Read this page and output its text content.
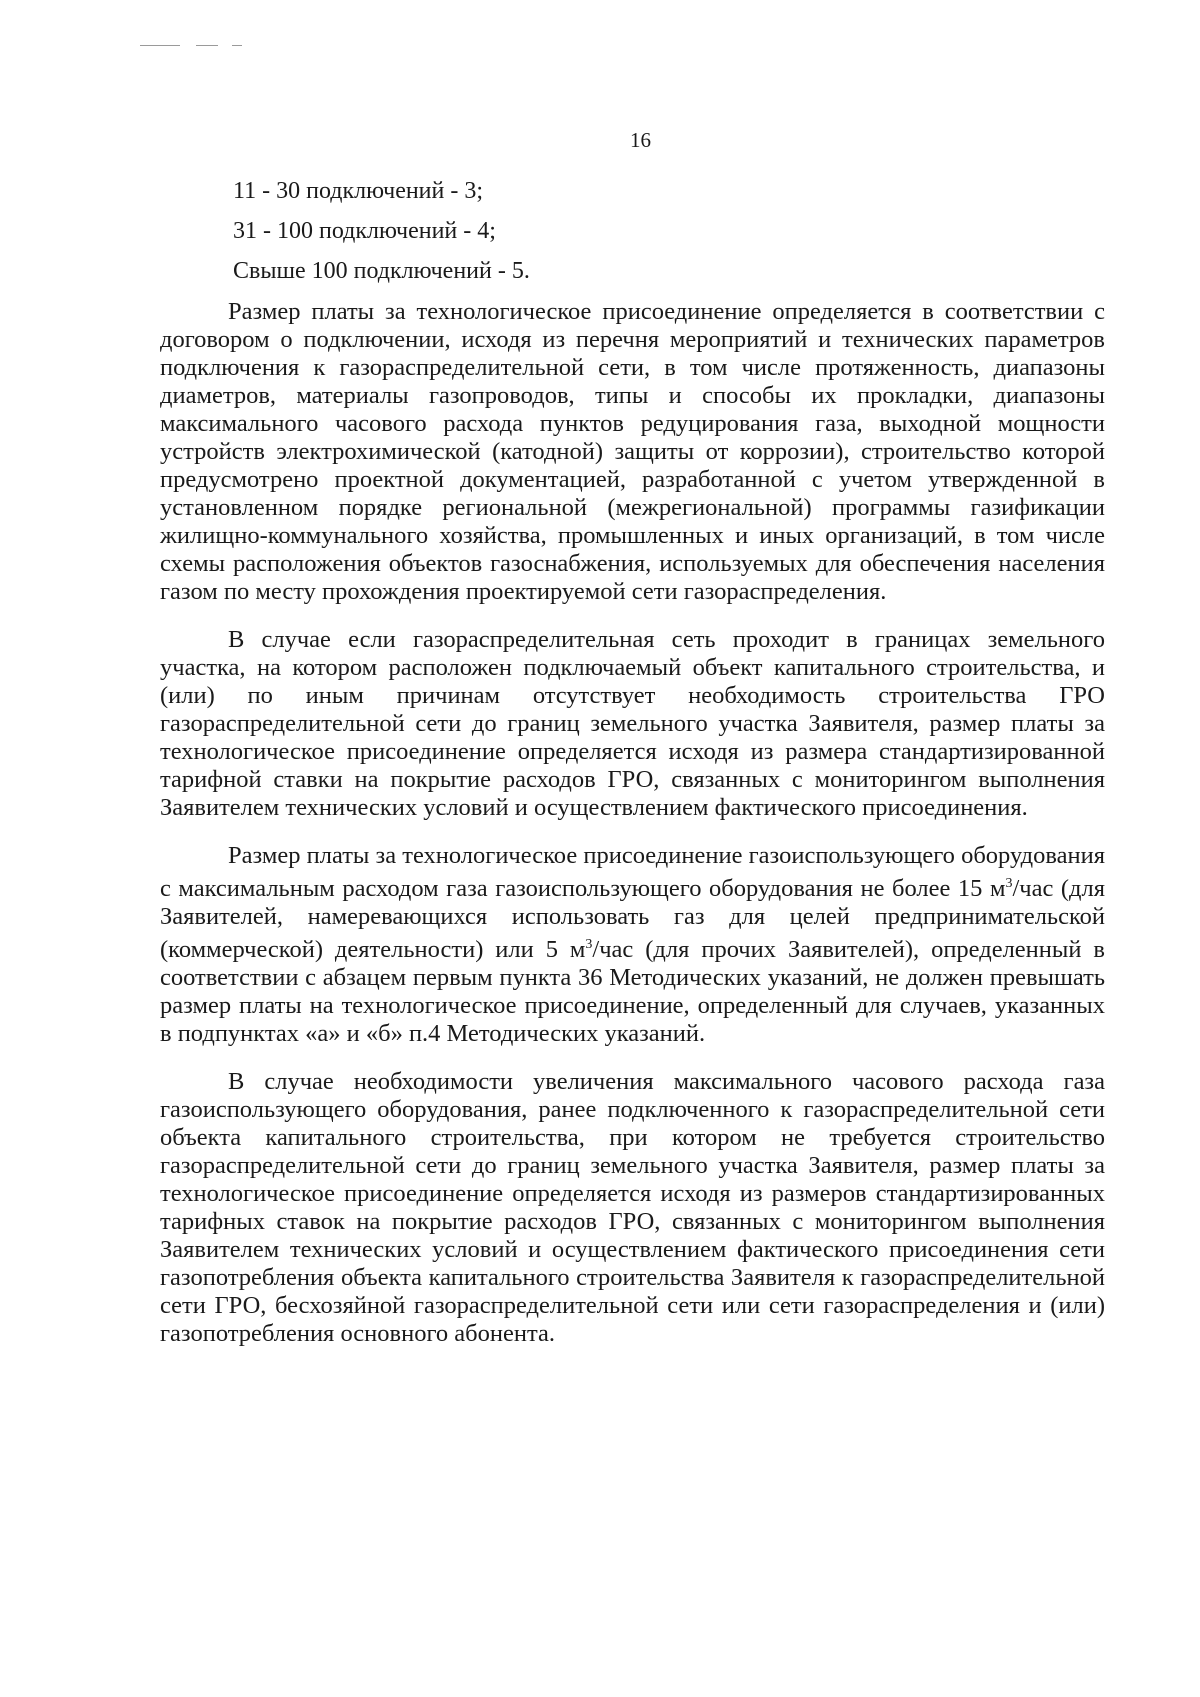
16
11 - 30 подключений - 3;
31 - 100 подключений - 4;
Свыше 100 подключений - 5.

Размер платы за технологическое присоединение определяется в соответствии с договором о подключении, исходя из перечня мероприятий и технических параметров подключения к газораспределительной сети, в том числе протяженность, диапазоны диаметров, материалы газопроводов, типы и способы их прокладки, диапазоны максимального часового расхода пунктов редуцирования газа, выходной мощности устройств электрохимической (катодной) защиты от коррозии), строительство которой предусмотрено проектной документацией, разработанной с учетом утвержденной в установленном порядке региональной (межрегиональной) программы газификации жилищно-коммунального хозяйства, промышленных и иных организаций, в том числе схемы расположения объектов газоснабжения, используемых для обеспечения населения газом по месту прохождения проектируемой сети газораспределения.

В случае если газораспределительная сеть проходит в границах земельного участка, на котором расположен подключаемый объект капитального строительства, и (или) по иным причинам отсутствует необходимость строительства ГРО газораспределительной сети до границ земельного участка Заявителя, размер платы за технологическое присоединение определяется исходя из размера стандартизированной тарифной ставки на покрытие расходов ГРО, связанных с мониторингом выполнения Заявителем технических условий и осуществлением фактического присоединения.

Размер платы за технологическое присоединение газоиспользующего оборудования с максимальным расходом газа газоиспользующего оборудования не более 15 $м^3$/час (для Заявителей, намеревающихся использовать газ для целей предпринимательской (коммерческой) деятельности) или 5 $м^3$/час (для прочих Заявителей), определенный в соответствии с абзацем первым пункта 36 Методических указаний, не должен превышать размер платы на технологическое присоединение, определенный для случаев, указанных в подпунктах «а» и «б» п.4 Методических указаний.

В случае необходимости увеличения максимального часового расхода газа газоиспользующего оборудования, ранее подключенного к газораспределительной сети объекта капитального строительства, при котором не требуется строительство газораспределительной сети до границ земельного участка Заявителя, размер платы за технологическое присоединение определяется исходя из размеров стандартизированных тарифных ставок на покрытие расходов ГРО, связанных с мониторингом выполнения Заявителем технических условий и осуществлением фактического присоединения сети газопотребления объекта капитального строительства Заявителя к газораспределительной сети ГРО, бесхозяйной газораспределительной сети или сети газораспределения и (или) газопотребления основного абонента.
